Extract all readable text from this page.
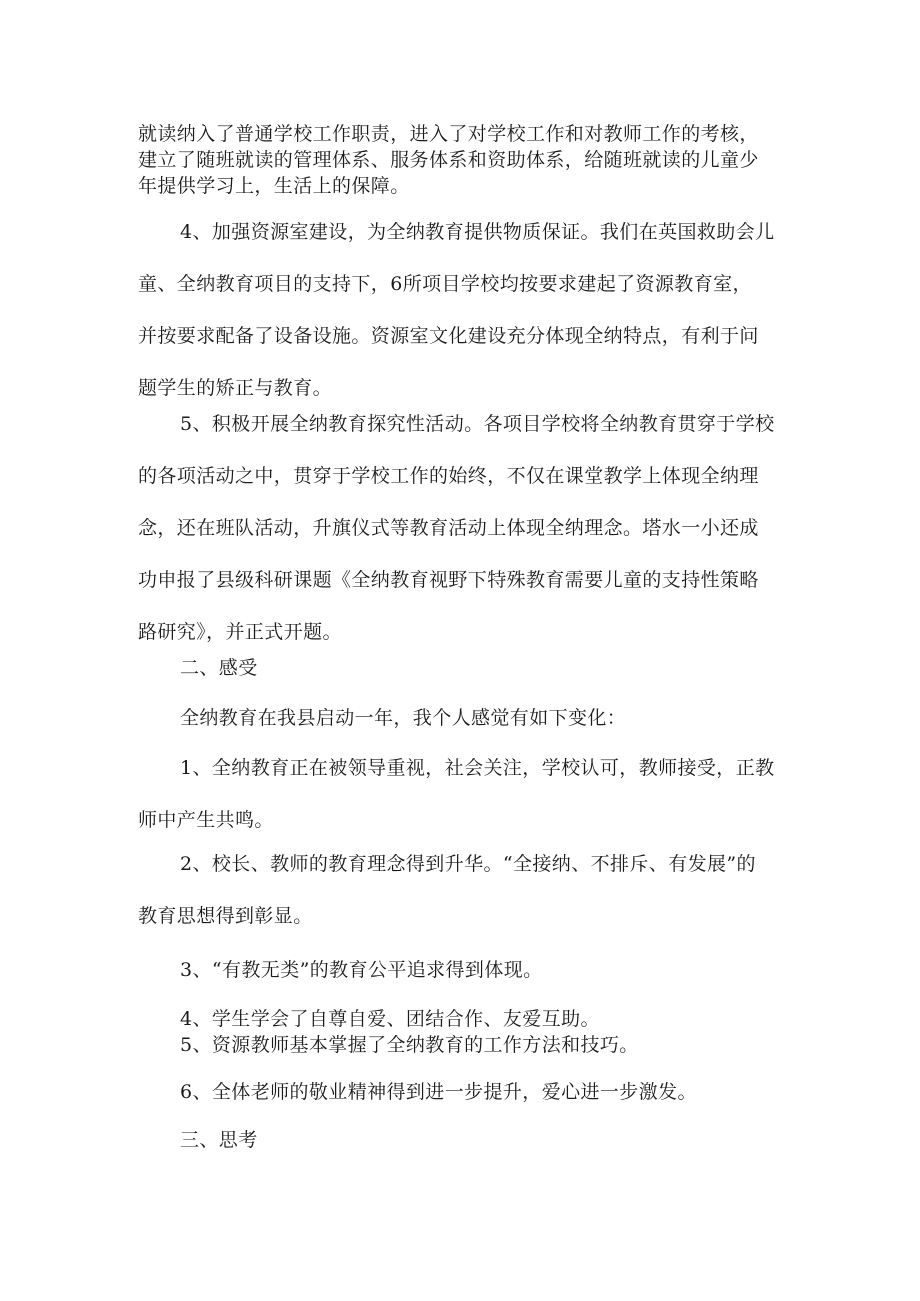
就读纳入了普通学校工作职责，进入了对学校工作和对教师工作的考核，
建立了随班就读的管理体系、服务体系和资助体系，给随班就读的儿童少
年提供学习上，生活上的保障。
4、加强资源室建设，为全纳教育提供物质保证。我们在英国救助会儿
童、全纳教育项目的支持下，6所项目学校均按要求建起了资源教育室，
并按要求配备了设备设施。资源室文化建设充分体现全纳特点，有利于问
题学生的矫正与教育。
5、积极开展全纳教育探究性活动。各项目学校将全纳教育贯穿于学校
的各项活动之中，贯穿于学校工作的始终，不仅在课堂教学上体现全纳理
念，还在班队活动，升旗仪式等教育活动上体现全纳理念。塔水一小还成
功申报了县级科研课题《全纳教育视野下特殊教育需要儿童的支持性策略
路研究》，并正式开题。
二、感受
全纳教育在我县启动一年，我个人感觉有如下变化：
1、全纳教育正在被领导重视，社会关注，学校认可，教师接受，正教
师中产生共鸣。
2、校长、教师的教育理念得到升华。“全接纳、不排斥、有发展”的
教育思想得到彰显。
3、“有教无类”的教育公平追求得到体现。
4、学生学会了自尊自爱、团结合作、友爱互助。
5、资源教师基本掌握了全纳教育的工作方法和技巧。
6、全体老师的敬业精神得到进一步提升，爱心进一步激发。
三、思考
